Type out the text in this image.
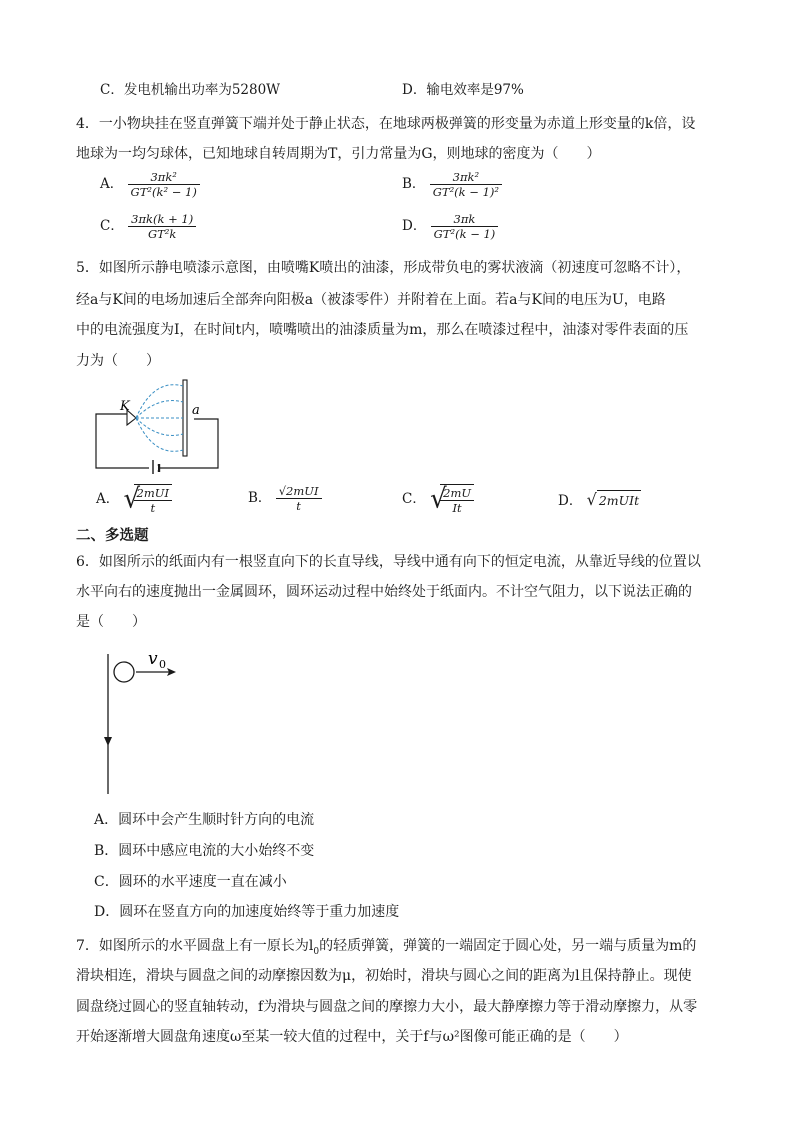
C．发电机输出功率为5280W	D．输电效率是97%
4．一小物块挂在竖直弹簧下端并处于静止状态，在地球两极弹簧的形变量为赤道上形变量的k倍，设
地球为一均匀球体，已知地球自转周期为T，引力常量为G，则地球的密度为（　　）
A． $\frac{\text{3πk²}}{\text{GT²(k² − 1)}}$	B． $\frac{\text{3πk²}}{\text{GT²(k − 1)²}}$
C． $\frac{3\pi k(k + 1)}{\text{GT²k}}$	D． $\frac{3\pi k}{\text{GT²(k − 1)}}$
5．如图所示静电喷漆示意图，由喷嘴K喷出的油漆，形成带负电的雾状液滴（初速度可忽略不计），
经a与K间的电场加速后全部奔向阳极a（被漆零件）并附着在上面。若a与K间的电压为U，电路
中的电流强度为I，在时间t内，喷嘴喷出的油漆质量为m，那么在喷漆过程中，油漆对零件表面的压
力为（　　）
K	a
A． √
$\frac{\text{2mUI}}{t}$	B． $\frac{\text{√2mUI}}{t}$	C． √
$\frac{2mU}{It}$	D． √ 2mUIt
二、多选题
6．如图所示的纸面内有一根竖直向下的长直导线，导线中通有向下的恒定电流，从靠近导线的位置以
水平向右的速度抛出一金属圆环，圆环运动过程中始终处于纸面内。不计空气阻力，以下说法正确的
是（　　）
v 0
A．圆环中会产生顺时针方向的电流
B．圆环中感应电流的大小始终不变
C．圆环的水平速度一直在减小
D．圆环在竖直方向的加速度始终等于重力加速度
7．如图所示的水平圆盘上有一原长为$l_0$的轻质弹簧，弹簧的一端固定于圆心处，另一端与质量为m的
滑块相连，滑块与圆盘之间的动摩擦因数为μ，初始时，滑块与圆心之间的距离为l且保持静止。现使
圆盘绕过圆心的竖直轴转动，f为滑块与圆盘之间的摩擦力大小，最大静摩擦力等于滑动摩擦力，从零
开始逐渐增大圆盘角速度ω至某一较大值的过程中，关于f与ω²图像可能正确的是（　　）
